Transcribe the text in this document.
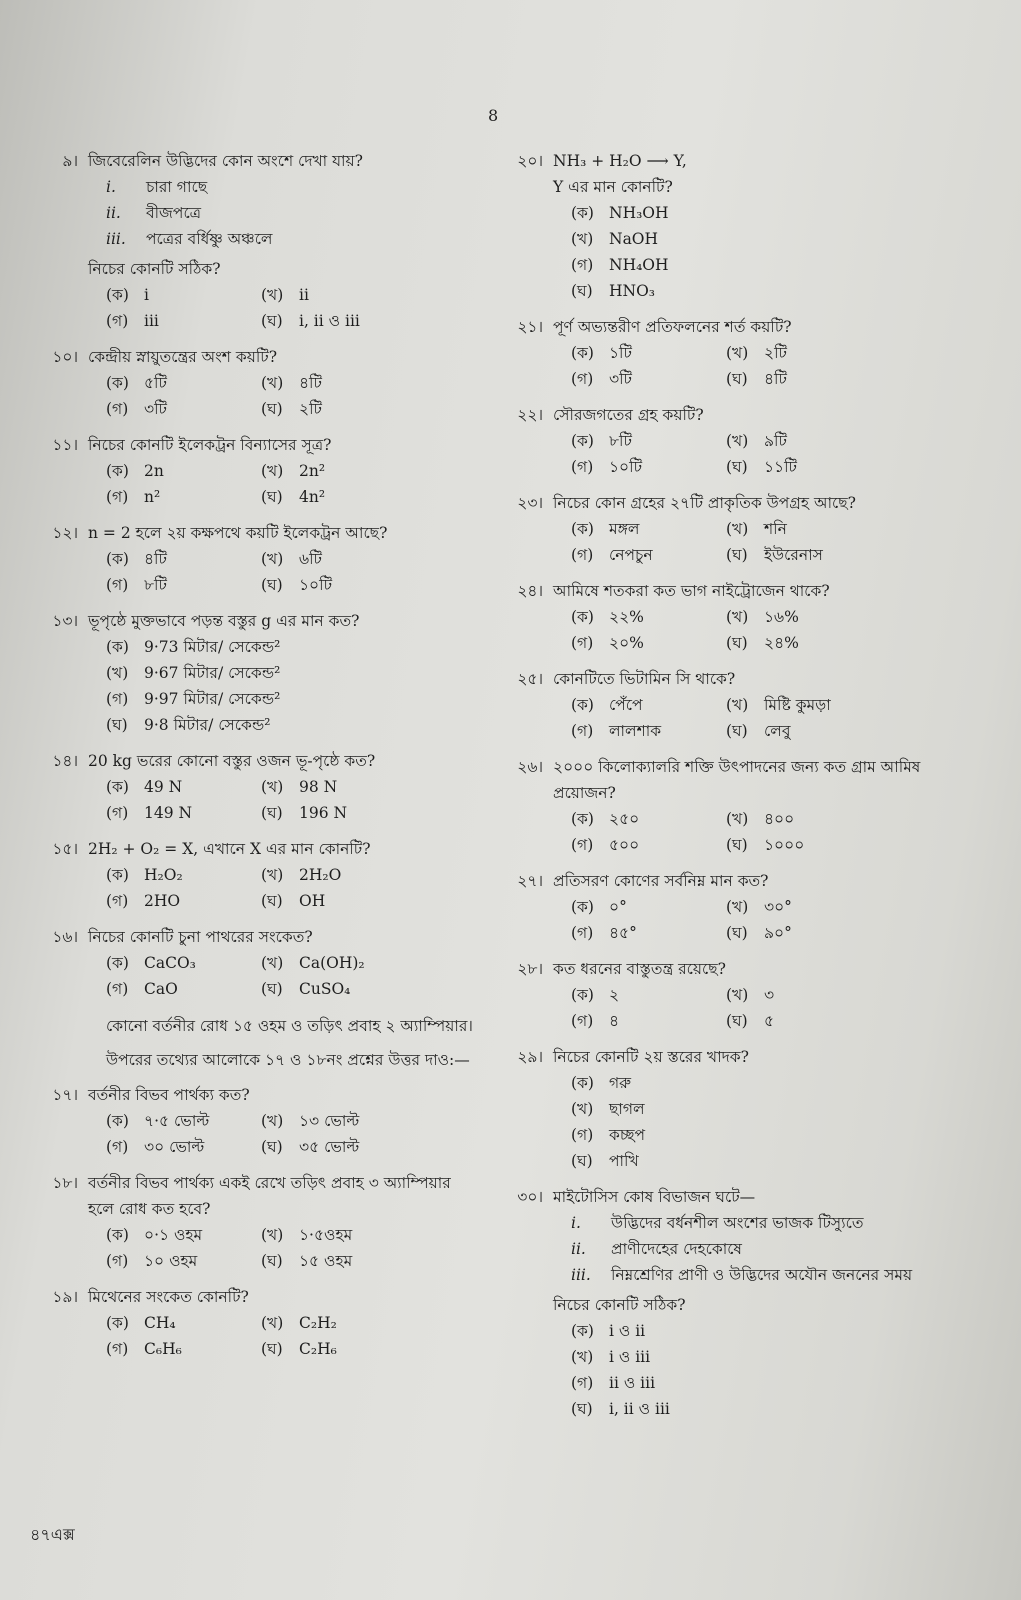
8
৯। জিবেরেলিন উদ্ভিদের কোন অংশে দেখা যায়?
i.	চারা গাছে
ii.	বীজপত্রে
iii.	পত্রের বর্ধিষ্ণু অঞ্চলে
নিচের কোনটি সঠিক?
(ক) i	(খ)	ii
(গ)	iii	(ঘ)	i, ii ও iii
১০। কেন্দ্রীয় স্নায়ুতন্ত্রের অংশ কয়টি?
(ক) ৫টি	(খ)	৪টি
(গ)	৩টি	(ঘ)	২টি
১১। নিচের কোনটি ইলেকট্রন বিন্যাসের সূত্র?
(ক) 2n	(খ)	2n²
(গ)	n²	(ঘ)	4n²
১২। n = 2 হলে ২য় কক্ষপথে কয়টি ইলেকট্রন আছে?
(ক) ৪টি	(খ)	৬টি
(গ)	৮টি	(ঘ)	১০টি
১৩। ভূপৃষ্ঠে মুক্তভাবে পড়ন্ত বস্তুর g এর মান কত?
(ক) 9·73 মিটার/ সেকেন্ড²
(খ)	9·67 মিটার/ সেকেন্ড²
(গ)	9·97 মিটার/ সেকেন্ড²
(ঘ)	9·8 মিটার/ সেকেন্ড²
১৪। 20 kg ভরের কোনো বস্তুর ওজন ভূ-পৃষ্ঠে কত?
(ক) 49 N	(খ)	98 N
(গ)	149 N	(ঘ)	196 N
১৫। 2H₂ + O₂ = X, এখানে X এর মান কোনটি?
(ক) H₂O₂	(খ)	2H₂O
(গ)	2HO	(ঘ)	OH
১৬। নিচের কোনটি চুনা পাথরের সংকেত?
(ক) CaCO₃	(খ)	Ca(OH)₂
(গ)	CaO	(ঘ)	CuSO₄
কোনো বর্তনীর রোধ ১৫ ওহম ও তড়িৎ প্রবাহ ২ অ্যাম্পিয়ার।
উপরের তথ্যের আলোকে ১৭ ও ১৮নং প্রশ্নের উত্তর দাও:—
১৭। বর্তনীর বিভব পার্থক্য কত?
(ক) ৭·৫ ভোল্ট	(খ)	১৩ ভোল্ট
(গ)	৩০ ভোল্ট	(ঘ)	৩৫ ভোল্ট
১৮। বর্তনীর বিভব পার্থক্য একই রেখে তড়িৎ প্রবাহ ৩ অ্যাম্পিয়ার হলে রোধ কত হবে?
(ক) ০·১ ওহম	(খ)	১·৫ওহম
(গ)	১০ ওহম	(ঘ)	১৫ ওহম
১৯। মিথেনের সংকেত কোনটি?
(ক) CH₄	(খ)	C₂H₂
(গ)	C₆H₆	(ঘ)	C₂H₆
২০। NH₃ + H₂O ⟶ Y,
Y এর মান কোনটি?
(ক) NH₃OH
(খ)	NaOH
(গ)	NH₄OH
(ঘ)	HNO₃
২১। পূর্ণ অভ্যন্তরীণ প্রতিফলনের শর্ত কয়টি?
(ক) ১টি	(খ)	২টি
(গ)	৩টি	(ঘ)	৪টি
২২। সৌরজগতের গ্রহ কয়টি?
(ক) ৮টি	(খ)	৯টি
(গ)	১০টি	(ঘ)	১১টি
২৩। নিচের কোন গ্রহের ২৭টি প্রাকৃতিক উপগ্রহ আছে?
(ক) মঙ্গল	(খ)	শনি
(গ)	নেপচুন	(ঘ)	ইউরেনাস
২৪। আমিষে শতকরা কত ভাগ নাইট্রোজেন থাকে?
(ক) ২২%	(খ)	১৬%
(গ)	২০%	(ঘ)	২৪%
২৫। কোনটিতে ভিটামিন সি থাকে?
(ক) পেঁপে	(খ)	মিষ্টি কুমড়া
(গ)	লালশাক	(ঘ)	লেবু
২৬। ২০০০ কিলোক্যালরি শক্তি উৎপাদনের জন্য কত গ্রাম আমিষ প্রয়োজন?
(ক) ২৫০	(খ)	৪০০
(গ)	৫০০	(ঘ)	১০০০
২৭। প্রতিসরণ কোণের সর্বনিম্ন মান কত?
(ক) ০°	(খ)	৩০°
(গ)	৪৫°	(ঘ)	৯০°
২৮। কত ধরনের বাস্তুতন্ত্র রয়েছে?
(ক) ২	(খ)	৩
(গ)	৪	(ঘ)	৫
২৯। নিচের কোনটি ২য় স্তরের খাদক?
(ক) গরু
(খ)	ছাগল
(গ)	কচ্ছপ
(ঘ)	পাখি
৩০। মাইটোসিস কোষ বিভাজন ঘটে—
i.	উদ্ভিদের বর্ধনশীল অংশের ভাজক টিস্যুতে
ii.	প্রাণীদেহের দেহকোষে
iii.	নিম্নশ্রেণির প্রাণী ও উদ্ভিদের অযৌন জননের সময়
নিচের কোনটি সঠিক?
(ক) i ও ii
(খ)	i ও iii
(গ)	ii ও iii
(ঘ)	i, ii ও iii
৪৭এক্স
